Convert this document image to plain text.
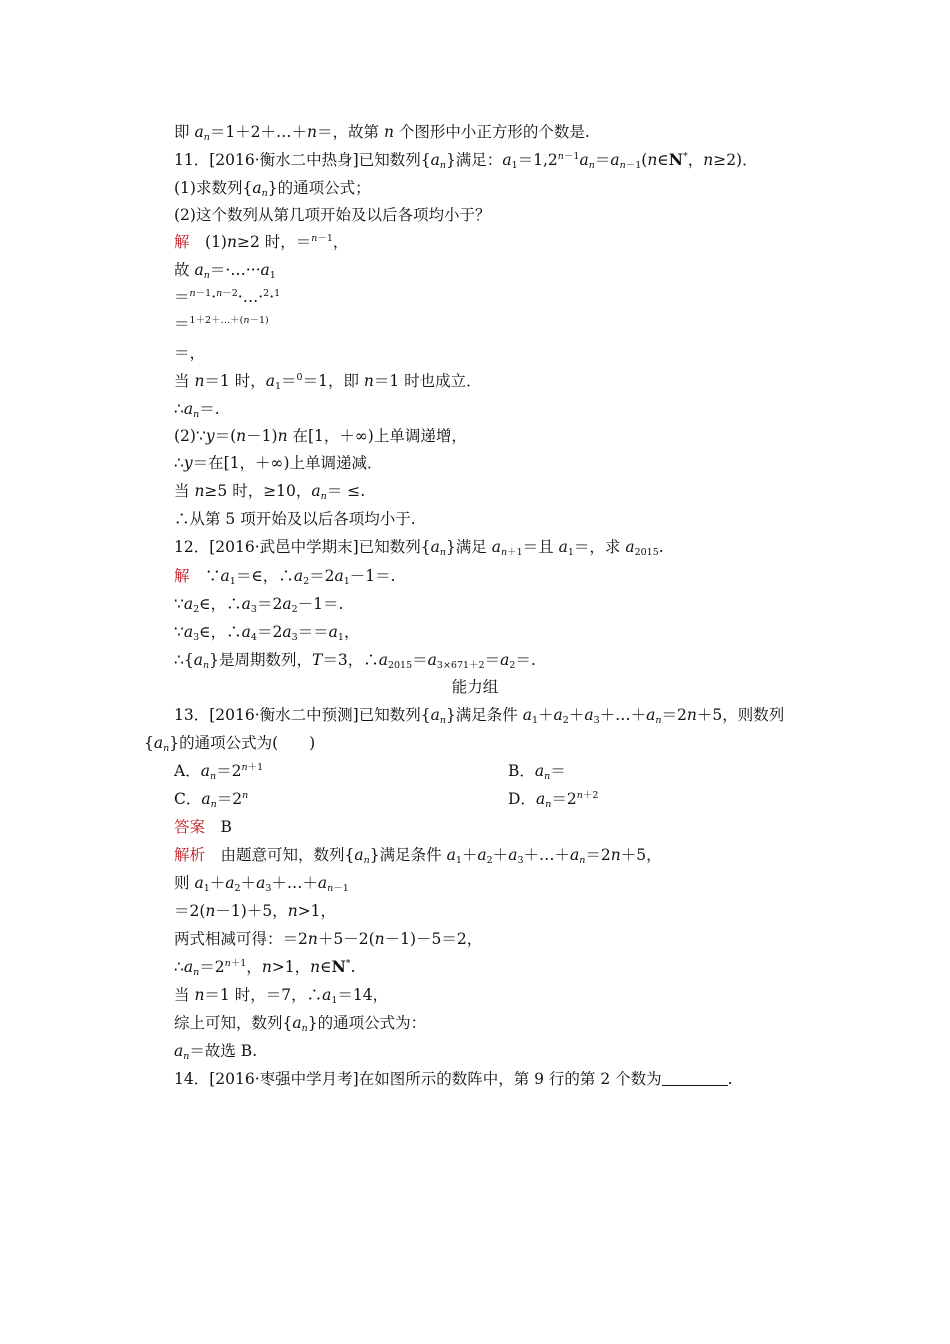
即 $a_n=1+2+\dots+n=$，故第 n 个图形中小正方形的个数是.
11．[2016·衡水二中热身]已知数列$\{a_n\}$满足：$a_1=1,2^{n-1}a_n=a_{n-1}(n\in N^*$，n≥2)．
(1)求数列$\{a_n\}$的通项公式；
(2)这个数列从第几项开始及以后各项均小于？
解　(1)n≥2 时，＝$^{n-1}$，
故 $a_n=\cdot\dots\cdot\cdot\cdot a_1$
＝$^{n-1}$·$^{n-2}$·…·$^2$·$^1$
＝$^{1+2+\dots+(n-1)}$
＝，
当 n＝1 时，$a_1=^0=1$，即 n＝1 时也成立．
$\therefore a_n=$.
(2)∵y＝(n－1)n 在[1，＋∞)上单调递增，
∴y＝在[1，＋∞)上单调递减．
当 n≥5 时，≥10，$a_n=$ ≤.
∴从第 5 项开始及以后各项均小于.
12．[2016·武邑中学期末]已知数列$\{a_n\}$满足 $a_{n+1}=$且 $a_1=$，求 $a_{2015}$.
解　$\because a_1=\in$，$\therefore a_2=2a_1-1=$.
$\because a_2\in$，$\therefore a_3=2a_2-1=$.
$\because a_3\in$，$\therefore a_4=2a_3==a_1$，
$\therefore\{a_n\}$是周期数列，T＝3，$\therefore a_{2015}=a_{3\times 671+2}=a_2=$.
能力组
13．[2016·衡水二中预测]已知数列$\{a_n\}$满足条件 $a_1+a_2+a_3+\dots+a_n=2n+5$，则数列
$\{a_n\}$的通项公式为(　　)
A．$a_n=2^{n+1}$	B．$a_n=$
C．$a_n=2^n$	D．$a_n=2^{n+2}$
答案　B
解析　由题意可知，数列$\{a_n\}$满足条件 $a_1+a_2+a_3+\dots+a_n=2n+5$，
则 $a_1+a_2+a_3+\dots+a_{n-1}$
＝2(n－1)＋5，n>1，
两式相减可得：＝2n＋5－2(n－1)－5＝2，
$\therefore a_n=2^{n+1}$，n>1，n∈N*.
当 n＝1 时，＝7，$\therefore a_1=14$，
综上可知，数列$\{a_n\}$的通项公式为：
$a_n=$故选 B.
14．[2016·枣强中学月考]在如图所示的数阵中，第 9 行的第 2 个数为	.
